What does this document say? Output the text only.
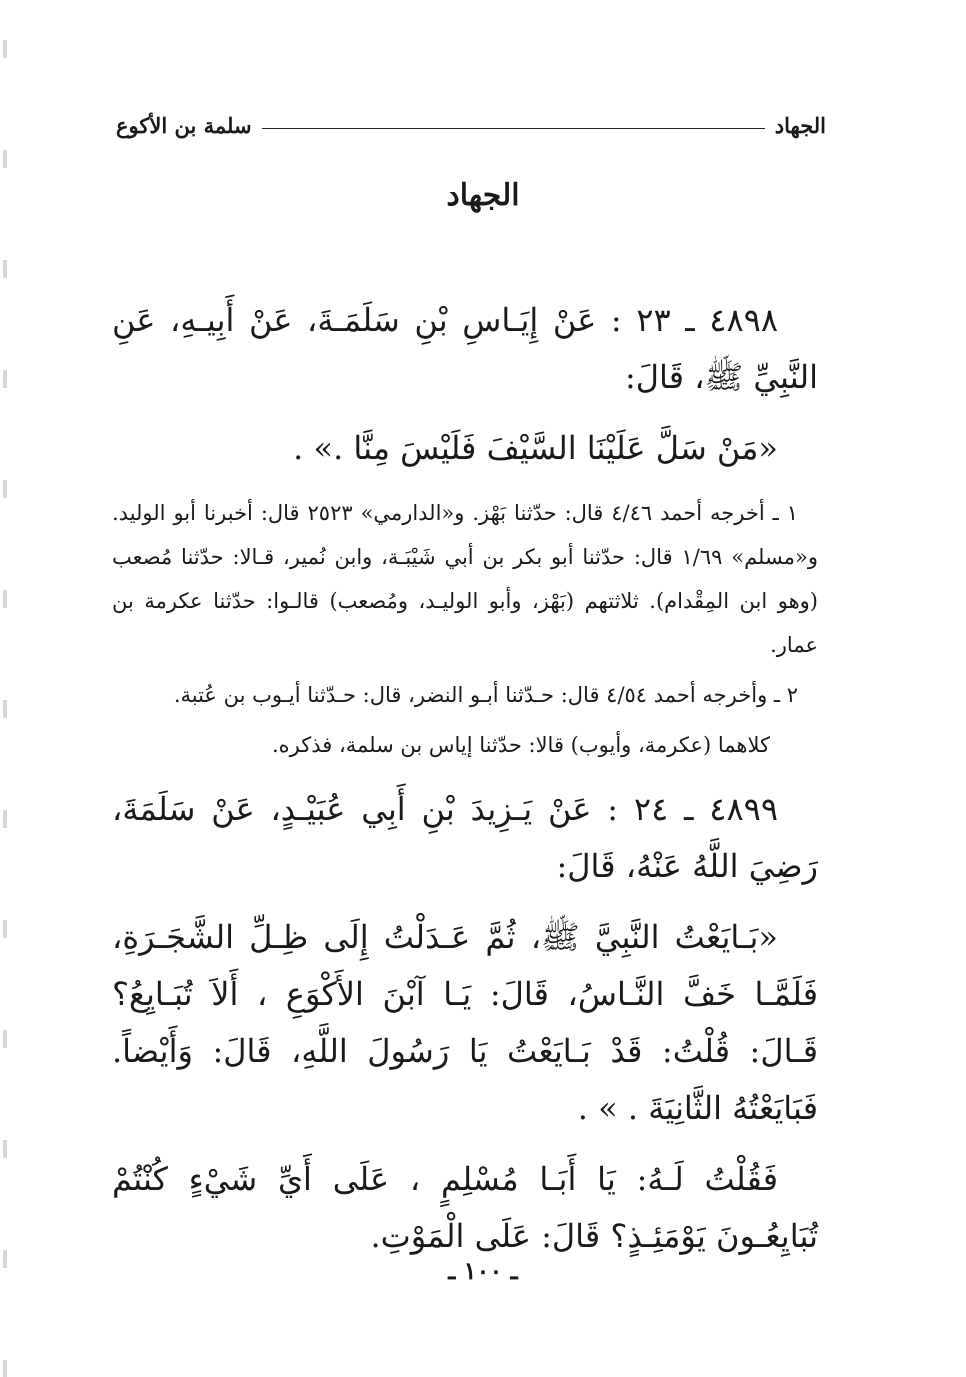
الجهاد
سلمة بن الأكوع
الجهاد

٤٨٩٨ ـ ٢٣ : عَنْ إِيَـاسِ بْنِ سَلَمَـةَ، عَنْ أَبِيـهِ، عَنِ النَّبِيِّ ﷺ، قَالَ:

«مَنْ سَلَّ عَلَيْنَا السَّيْفَ فَلَيْسَ مِنَّا .» .

١ ـ أخرجه أحمد ٤/٤٦ قال: حدّثنا بَهْز. و«الدارمي» ٢٥٢٣ قال: أخبرنا أبو الوليد. و«مسلم» ١/٦٩ قال: حدّثنا أبو بكر بن أبي شَيْبَـة، وابن نُمير، قـالا: حدّثنا مُصعب (وهو ابن المِقْدام). ثلاثتهم (بَهْز، وأبو الوليـد، ومُصعب) قالـوا: حدّثنا عكرمة بن عمار.

٢ ـ وأخرجه أحمد ٤/٥٤ قال: حـدّثنا أبـو النضر، قال: حـدّثنا أيـوب بن عُتبة.

كلاهما (عكرمة، وأيوب) قالا: حدّثنا إياس بن سلمة، فذكره.

٤٨٩٩ ـ ٢٤ : عَنْ يَـزِيدَ بْنِ أَبِي عُبَيْـدٍ، عَنْ سَلَمَةَ، رَضِيَ اللَّهُ عَنْهُ، قَالَ:

«بَـايَعْتُ النَّبِيَّ ﷺ، ثُمَّ عَـدَلْتُ إِلَى ظِـلِّ الشَّجَـرَةِ، فَلَمَّـا خَفَّ النَّـاسُ، قَالَ: يَـا آبْنَ الأَكْوَعِ ، أَلاَ تُبَـايِعُ؟ قَـالَ: قُلْتُ: قَدْ بَـايَعْتُ يَا رَسُولَ اللَّهِ، قَالَ: وَأَيْضاً. فَبَايَعْتُهُ الثَّانِيَةَ . » .

فَقُلْتُ لَـهُ: يَا أَبَـا مُسْلِمٍ ، عَلَى أَيِّ شَيْءٍ كُنْتُمْ تُبَايِعُـونَ يَوْمَئِـذٍ؟ قَالَ: عَلَى الْمَوْتِ.

ـ ١٠٠ ـ
